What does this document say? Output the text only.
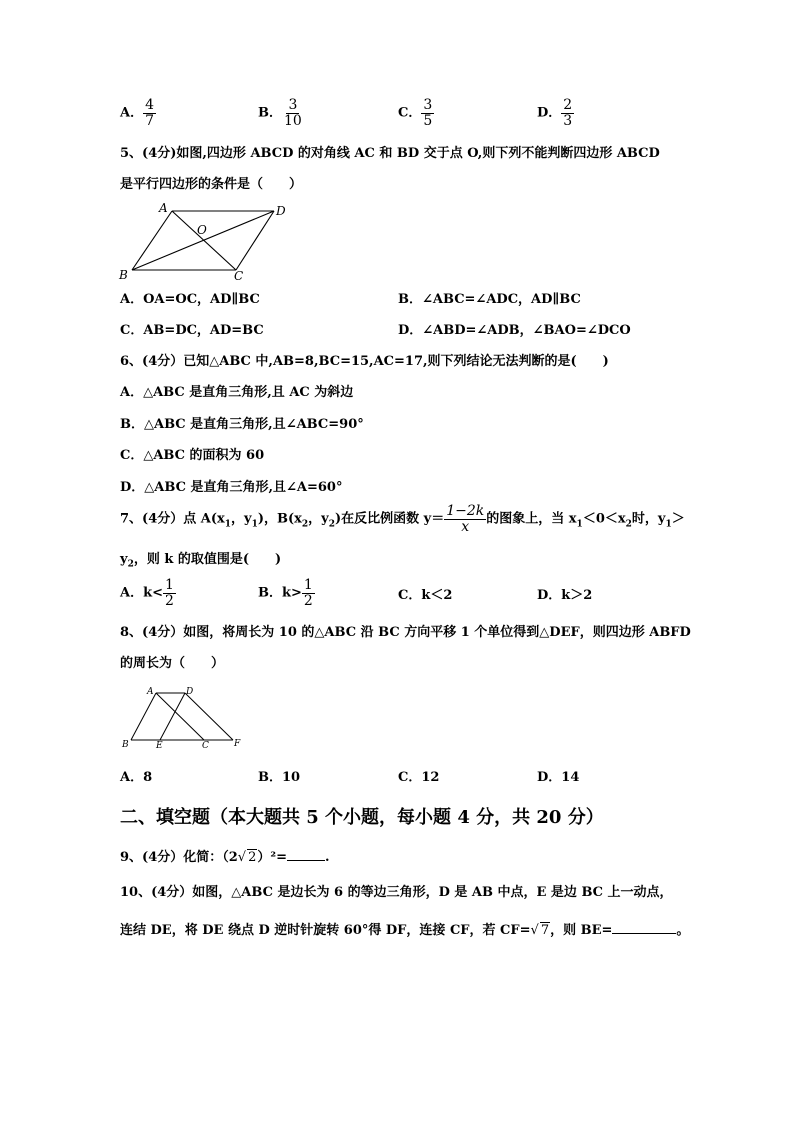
A． $\frac{4}{7}$	B． $\frac{3}{10}$	C． $\frac{3}{5}$	D． $\frac{2}{3}$
5、(4分)如图,四边形 ABCD 的对角线 AC 和 BD 交于点 O,则下列不能判断四边形 ABCD
是平行四边形的条件是（　　）
A	D
O
B	C
A．OA=OC，AD∥BC	B．∠ABC=∠ADC，AD∥BC
C．AB=DC，AD=BC	D．∠ABD=∠ADB，∠BAO=∠DCO
6、(4分）已知△ABC 中,AB=8,BC=15,AC=17,则下列结论无法判断的是(　　)
A．△ABC 是直角三角形,且 AC 为斜边
B．△ABC 是直角三角形,且∠ABC=90°
C．△ABC 的面积为 60
D．△ABC 是直角三角形,且∠A=60°
7、(4分）点 $A(x_1$，$y_1$)，$B(x_2$，$y_2$)在反比例函数 $y= \frac{1-2k}{x}$ 的图象上，当 $x_1<0<x_2$时，$y_1>$
$y_2$，则 k 的取值围是(　　)
A．$k< \frac{1}{2}$	B．$k> \frac{1}{2}$	C．k＜2	D．k＞2
8、(4分）如图，将周长为 10 的△ABC 沿 BC 方向平移 1 个单位得到△DEF，则四边形 ABFD
的周长为（　　）
A	D
B	E	C	F
A．8	B．10	C．12	D．14
二、填空题（本大题共 5 个小题，每小题 4 分，共 20 分）
9、(4分）化简：（2√ 2）²=	.
10、(4分）如图，△ABC 是边长为 6 的等边三角形，D 是 AB 中点，E 是边 BC 上一动点，
连结 DE，将 DE 绕点 D 逆时针旋转 60°得 DF，连接 CF，若 CF=√ 7，则 BE=	。
